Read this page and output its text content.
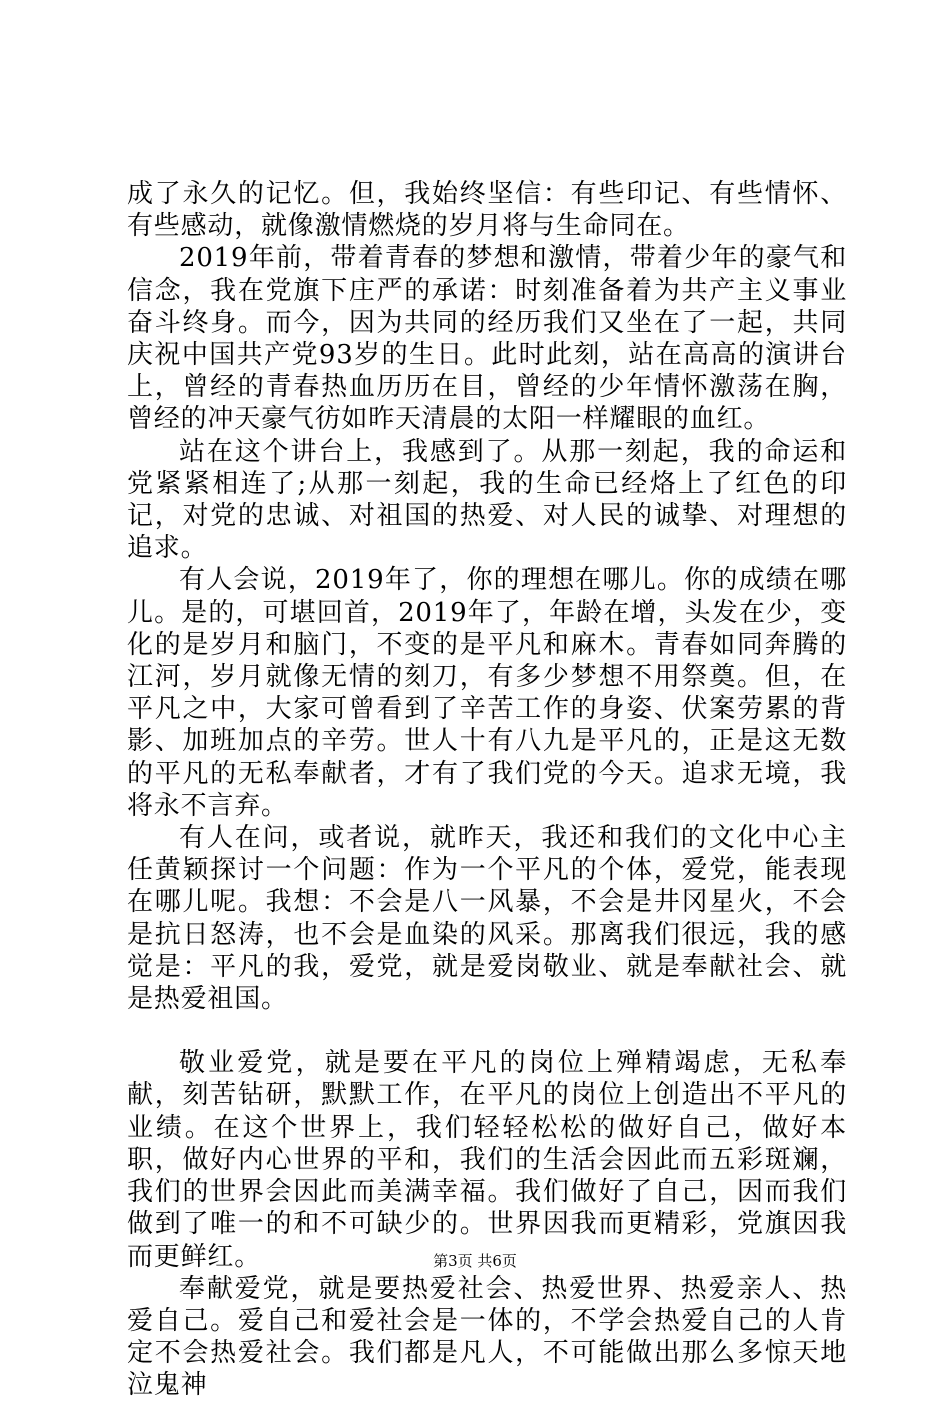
成了永久的记忆。但，我始终坚信：有些印记、有些情怀、有些感动，就像激情燃烧的岁月将与生命同在。

2019年前，带着青春的梦想和激情，带着少年的豪气和信念，我在党旗下庄严的承诺：时刻准备着为共产主义事业奋斗终身。而今，因为共同的经历我们又坐在了一起，共同庆祝中国共产党93岁的生日。此时此刻，站在高高的演讲台上，曾经的青春热血历历在目，曾经的少年情怀激荡在胸，曾经的冲天豪气彷如昨天清晨的太阳一样耀眼的血红。

站在这个讲台上，我感到了。从那一刻起，我的命运和党紧紧相连了;从那一刻起，我的生命已经烙上了红色的印记，对党的忠诚、对祖国的热爱、对人民的诚挚、对理想的追求。

有人会说，2019年了，你的理想在哪儿。你的成绩在哪儿。是的，可堪回首，2019年了，年龄在增，头发在少，变化的是岁月和脑门，不变的是平凡和麻木。青春如同奔腾的江河，岁月就像无情的刻刀，有多少梦想不用祭奠。但，在平凡之中，大家可曾看到了辛苦工作的身姿、伏案劳累的背影、加班加点的辛劳。世人十有八九是平凡的，正是这无数的平凡的无私奉献者，才有了我们党的今天。追求无境，我将永不言弃。

有人在问，或者说，就昨天，我还和我们的文化中心主任黄颖探讨一个问题：作为一个平凡的个体，爱党，能表现在哪儿呢。我想：不会是八一风暴，不会是井冈星火，不会是抗日怒涛，也不会是血染的风采。那离我们很远，我的感觉是：平凡的我，爱党，就是爱岗敬业、就是奉献社会、就是热爱祖国。

敬业爱党，就是要在平凡的岗位上殚精竭虑，无私奉献，刻苦钻研，默默工作，在平凡的岗位上创造出不平凡的业绩。在这个世界上，我们轻轻松松的做好自己，做好本职，做好内心世界的平和，我们的生活会因此而五彩斑斓，我们的世界会因此而美满幸福。我们做好了自己，因而我们做到了唯一的和不可缺少的。世界因我而更精彩，党旗因我而更鲜红。

奉献爱党，就是要热爱社会、热爱世界、热爱亲人、热爱自己。爱自己和爱社会是一体的，不学会热爱自己的人肯定不会热爱社会。我们都是凡人，不可能做出那么多惊天地泣鬼神

第3页 共6页
